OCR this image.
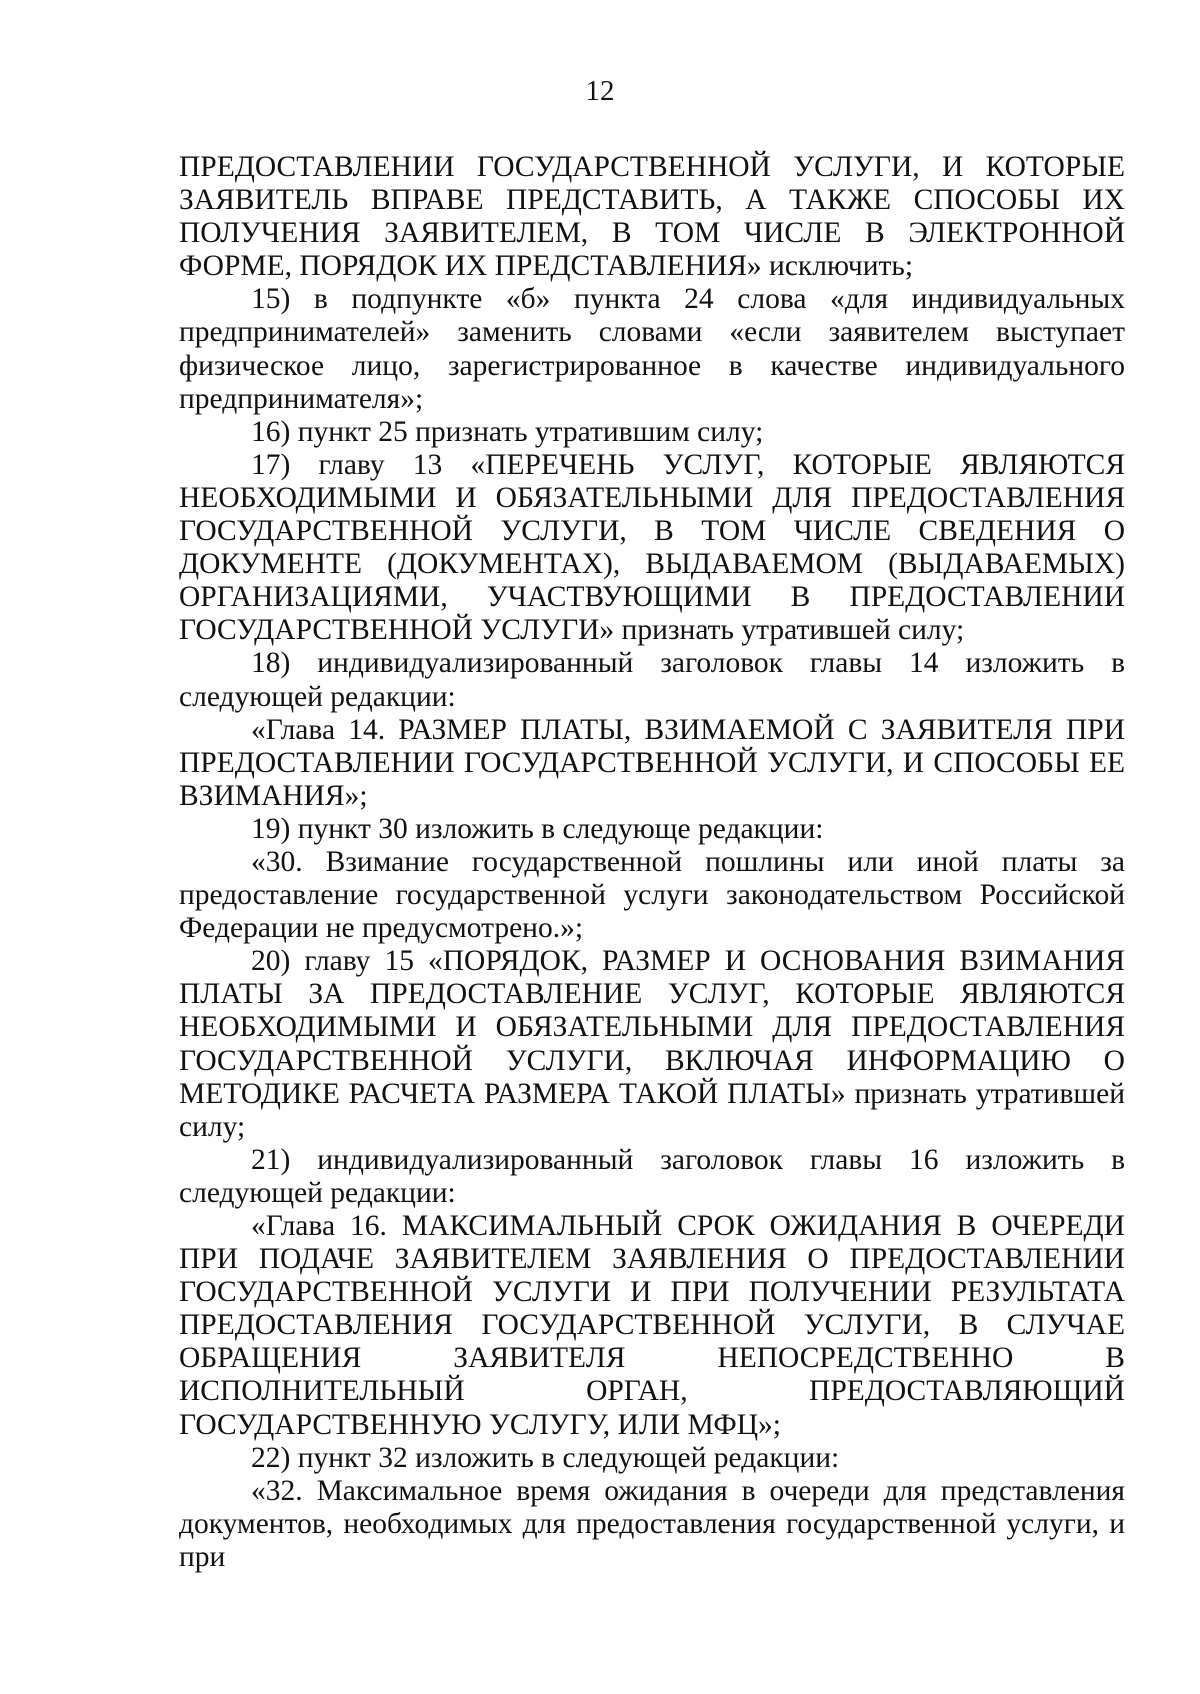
12

ПРЕДОСТАВЛЕНИИ ГОСУДАРСТВЕННОЙ УСЛУГИ, И КОТОРЫЕ ЗАЯВИТЕЛЬ ВПРАВЕ ПРЕДСТАВИТЬ, А ТАКЖЕ СПОСОБЫ ИХ ПОЛУЧЕНИЯ ЗАЯВИТЕЛЕМ, В ТОМ ЧИСЛЕ В ЭЛЕКТРОННОЙ ФОРМЕ, ПОРЯДОК ИХ ПРЕДСТАВЛЕНИЯ» исключить;

15) в подпункте «б» пункта 24 слова «для индивидуальных предпринимателей» заменить словами «если заявителем выступает физическое лицо, зарегистрированное в качестве индивидуального предпринимателя»;

16) пункт 25 признать утратившим силу;

17) главу 13 «ПЕРЕЧЕНЬ УСЛУГ, КОТОРЫЕ ЯВЛЯЮТСЯ НЕОБХОДИМЫМИ И ОБЯЗАТЕЛЬНЫМИ ДЛЯ ПРЕДОСТАВЛЕНИЯ ГОСУДАРСТВЕННОЙ УСЛУГИ, В ТОМ ЧИСЛЕ СВЕДЕНИЯ О ДОКУМЕНТЕ (ДОКУМЕНТАХ), ВЫДАВАЕМОМ (ВЫДАВАЕМЫХ) ОРГАНИЗАЦИЯМИ, УЧАСТВУЮЩИМИ В ПРЕДОСТАВЛЕНИИ ГОСУДАРСТВЕННОЙ УСЛУГИ» признать утратившей силу;

18) индивидуализированный заголовок главы 14 изложить в следующей редакции:

«Глава 14. РАЗМЕР ПЛАТЫ, ВЗИМАЕМОЙ С ЗАЯВИТЕЛЯ ПРИ ПРЕДОСТАВЛЕНИИ ГОСУДАРСТВЕННОЙ УСЛУГИ, И СПОСОБЫ ЕЕ ВЗИМАНИЯ»;

19) пункт 30 изложить в следующе редакции:

«30. Взимание государственной пошлины или иной платы за предоставление государственной услуги законодательством Российской Федерации не предусмотрено.»;

20) главу 15 «ПОРЯДОК, РАЗМЕР И ОСНОВАНИЯ ВЗИМАНИЯ ПЛАТЫ ЗА ПРЕДОСТАВЛЕНИЕ УСЛУГ, КОТОРЫЕ ЯВЛЯЮТСЯ НЕОБХОДИМЫМИ И ОБЯЗАТЕЛЬНЫМИ ДЛЯ ПРЕДОСТАВЛЕНИЯ ГОСУДАРСТВЕННОЙ УСЛУГИ, ВКЛЮЧАЯ ИНФОРМАЦИЮ О МЕТОДИКЕ РАСЧЕТА РАЗМЕРА ТАКОЙ ПЛАТЫ» признать утратившей силу;

21) индивидуализированный заголовок главы 16 изложить в следующей редакции:

«Глава 16. МАКСИМАЛЬНЫЙ СРОК ОЖИДАНИЯ В ОЧЕРЕДИ ПРИ ПОДАЧЕ ЗАЯВИТЕЛЕМ ЗАЯВЛЕНИЯ О ПРЕДОСТАВЛЕНИИ ГОСУДАРСТВЕННОЙ УСЛУГИ И ПРИ ПОЛУЧЕНИИ РЕЗУЛЬТАТА ПРЕДОСТАВЛЕНИЯ ГОСУДАРСТВЕННОЙ УСЛУГИ, В СЛУЧАЕ ОБРАЩЕНИЯ ЗАЯВИТЕЛЯ НЕПОСРЕДСТВЕННО В ИСПОЛНИТЕЛЬНЫЙ ОРГАН, ПРЕДОСТАВЛЯЮЩИЙ ГОСУДАРСТВЕННУЮ УСЛУГУ, ИЛИ МФЦ»;

22) пункт 32 изложить в следующей редакции:

«32. Максимальное время ожидания в очереди для представления документов, необходимых для предоставления государственной услуги, и при
